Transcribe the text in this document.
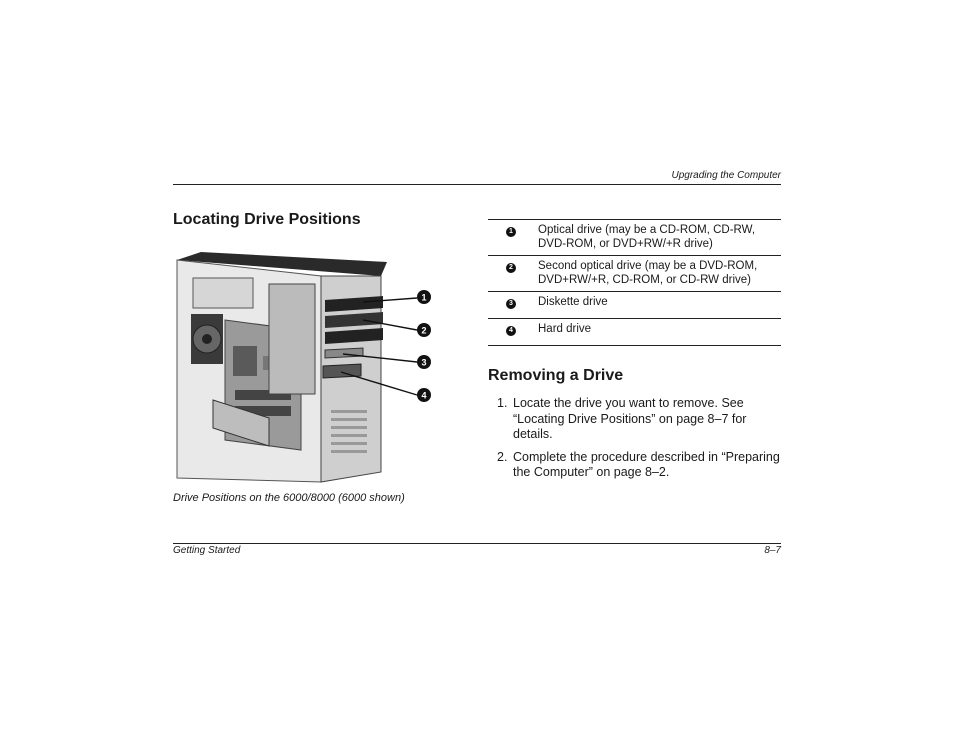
Upgrading the Computer
Locating Drive Positions
1
2
3
4
Drive Positions on the 6000/8000 (6000 shown)
1	Optical drive (may be a CD-ROM, CD-RW, DVD-ROM, or DVD+RW/+R drive)
2	Second optical drive (may be a DVD-ROM, DVD+RW/+R, CD-ROM, or CD-RW drive)
3	Diskette drive
4	Hard drive
Removing a Drive
1. Locate the drive you want to remove. See “Locating Drive Positions” on page 8–7 for details.
2. Complete the procedure described in “Preparing the Computer” on page 8–2.
Getting Started	8–7
